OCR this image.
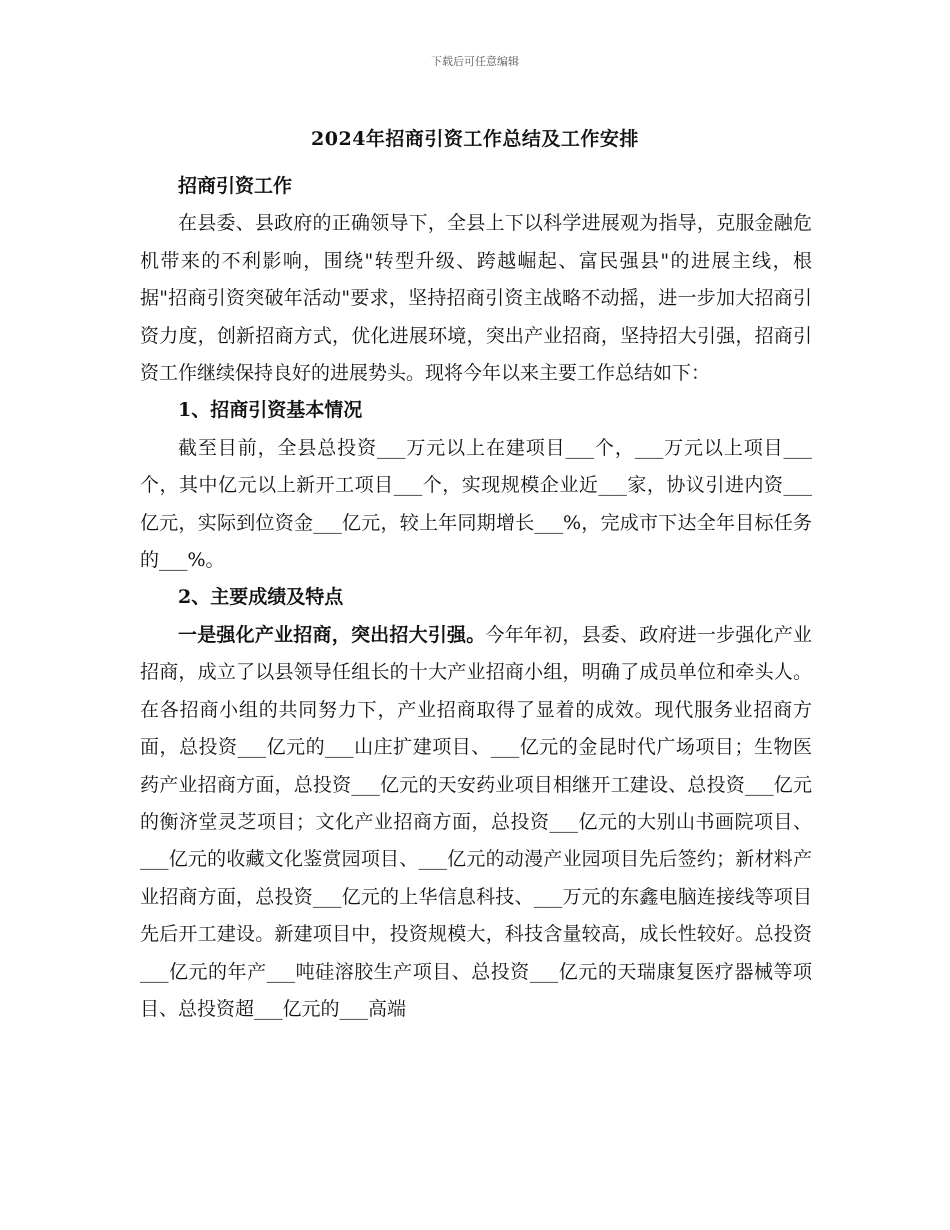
下载后可任意编辑
2024年招商引资工作总结及工作安排

招商引资工作

在县委、县政府的正确领导下，全县上下以科学进展观为指导，克服金融危机带来的不利影响，围绕"转型升级、跨越崛起、富民强县"的进展主线，根据"招商引资突破年活动"要求，坚持招商引资主战略不动摇，进一步加大招商引资力度，创新招商方式，优化进展环境，突出产业招商，坚持招大引强，招商引资工作继续保持良好的进展势头。现将今年以来主要工作总结如下：

1、招商引资基本情况

截至目前，全县总投资___万元以上在建项目___个，___万元以上项目___个，其中亿元以上新开工项目___个，实现规模企业近___家，协议引进内资___亿元，实际到位资金___亿元，较上年同期增长___%，完成市下达全年目标任务的___%。

2、主要成绩及特点

一是强化产业招商，突出招大引强。今年年初，县委、政府进一步强化产业招商，成立了以县领导任组长的十大产业招商小组，明确了成员单位和牵头人。在各招商小组的共同努力下，产业招商取得了显着的成效。现代服务业招商方面，总投资___亿元的___山庄扩建项目、___亿元的金昆时代广场项目；生物医药产业招商方面，总投资___亿元的天安药业项目相继开工建设、总投资___亿元的衡济堂灵芝项目；文化产业招商方面，总投资___亿元的大别山书画院项目、___亿元的收藏文化鉴赏园项目、___亿元的动漫产业园项目先后签约；新材料产业招商方面，总投资___亿元的上华信息科技、___万元的东鑫电脑连接线等项目先后开工建设。新建项目中，投资规模大，科技含量较高，成长性较好。总投资___亿元的年产___吨硅溶胶生产项目、总投资___亿元的天瑞康复医疗器械等项目、总投资超___亿元的___高端
